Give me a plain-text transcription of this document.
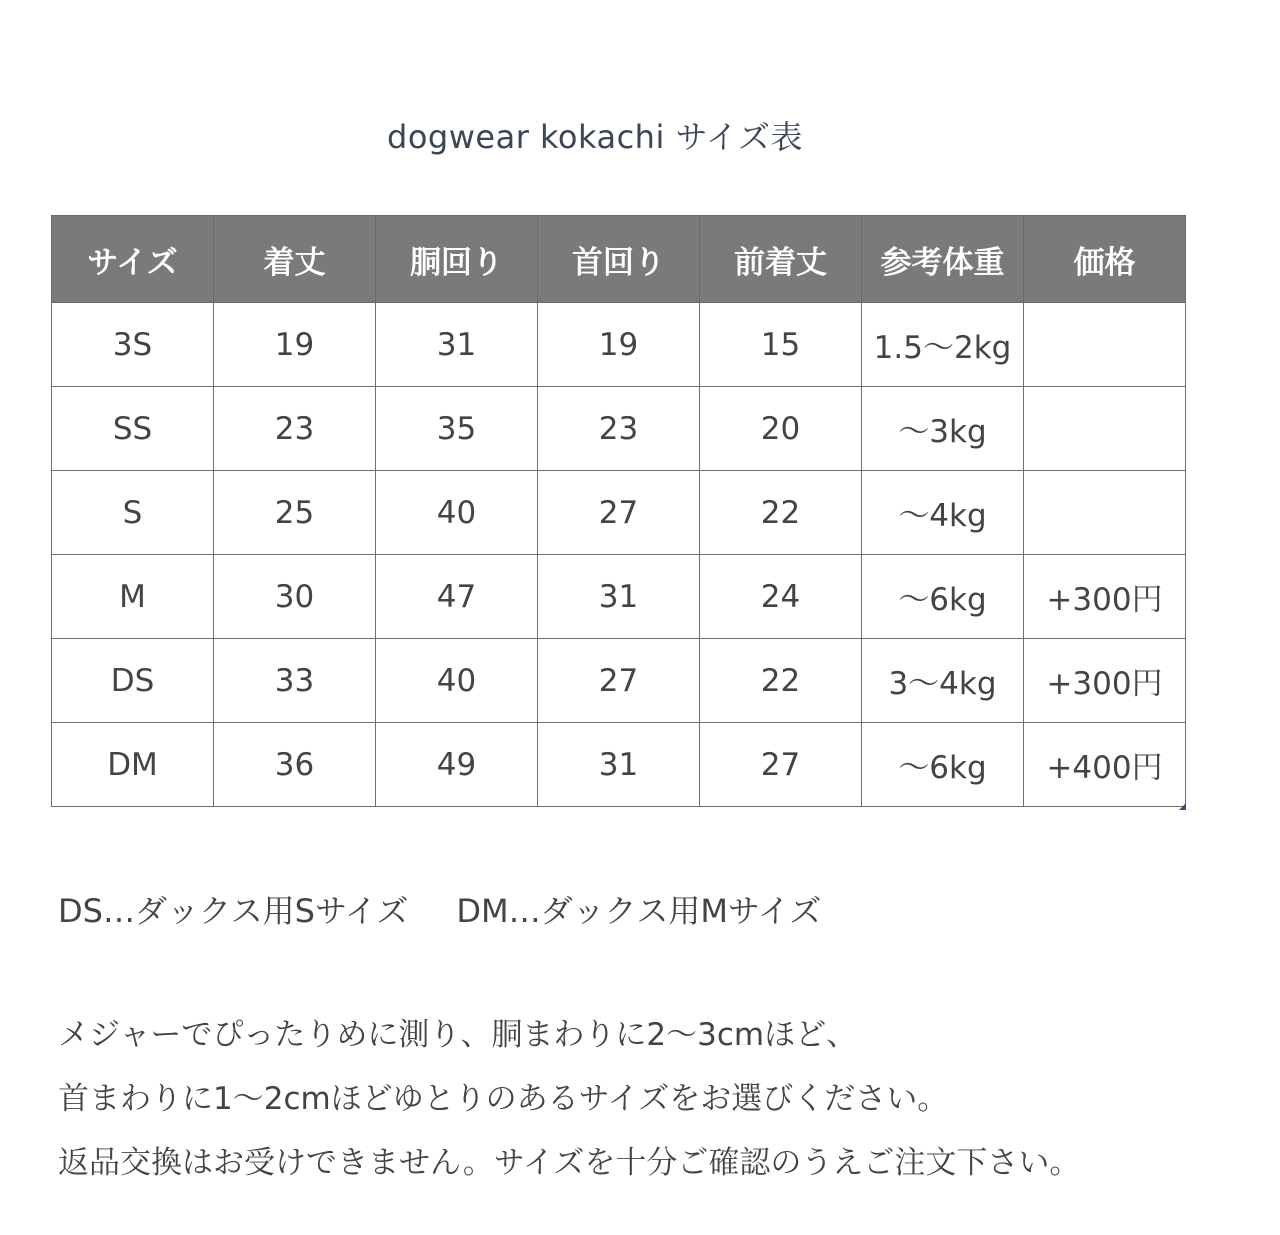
dogwear kokachi サイズ表
サイズ	着丈	胴回り	首回り	前着丈	参考体重	価格
3S	19	31	19	15	1.5～2kg	
SS	23	35	23	20	～3kg	
S	25	40	27	22	～4kg	
M	30	47	31	24	～6kg	+300円
DS	33	40	27	22	3～4kg	+300円
DM	36	49	31	27	～6kg	+400円
DS…ダックス用Sサイズ DM…ダックス用Mサイズ

メジャーでぴったりめに測り、胴まわりに2～3cmほど、

首まわりに1～2cmほどゆとりのあるサイズをお選びください。

返品交換はお受けできません。サイズを十分ご確認のうえご注文下さい。
